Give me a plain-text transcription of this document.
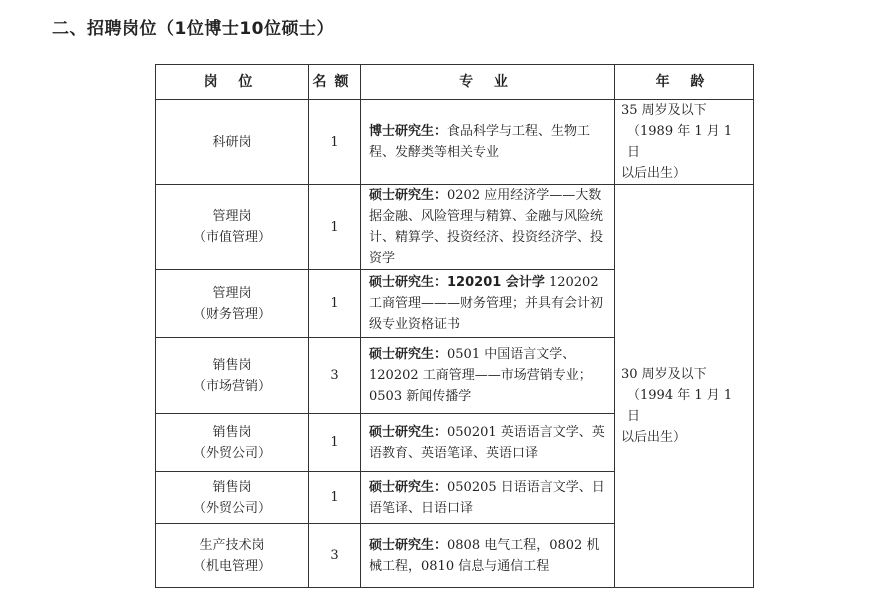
二、招聘岗位（1位博士10位硕士）
岗 位	名额	专 业	年 龄

科研岗	1	博士研究生：食品科学与工程、生物工程、发酵类等相关专业	35 周岁及以下
（1989 年 1 月 1 日
以后出生）

管理岗
（市值管理）	1	硕士研究生：0202 应用经济学——大数据金融、风险管理与精算、金融与风险统计、精算学、投资经济、投资经济学、投资学	30 周岁及以下
（1994 年 1 月 1 日
以后出生）

管理岗
（财务管理）	1	硕士研究生：120201 会计学 120202 工商管理———财务管理；并具有会计初级专业资格证书	

销售岗
（市场营销）	3	硕士研究生：0501 中国语言文学、120202 工商管理——市场营销专业；0503 新闻传播学	

销售岗
（外贸公司）	1	硕士研究生：050201 英语语言文学、英语教育、英语笔译、英语口译	

销售岗
（外贸公司）	1	硕士研究生：050205 日语语言文学、日语笔译、日语口译	

生产技术岗
（机电管理）	3	硕士研究生：0808 电气工程，0802 机械工程，0810 信息与通信工程	
